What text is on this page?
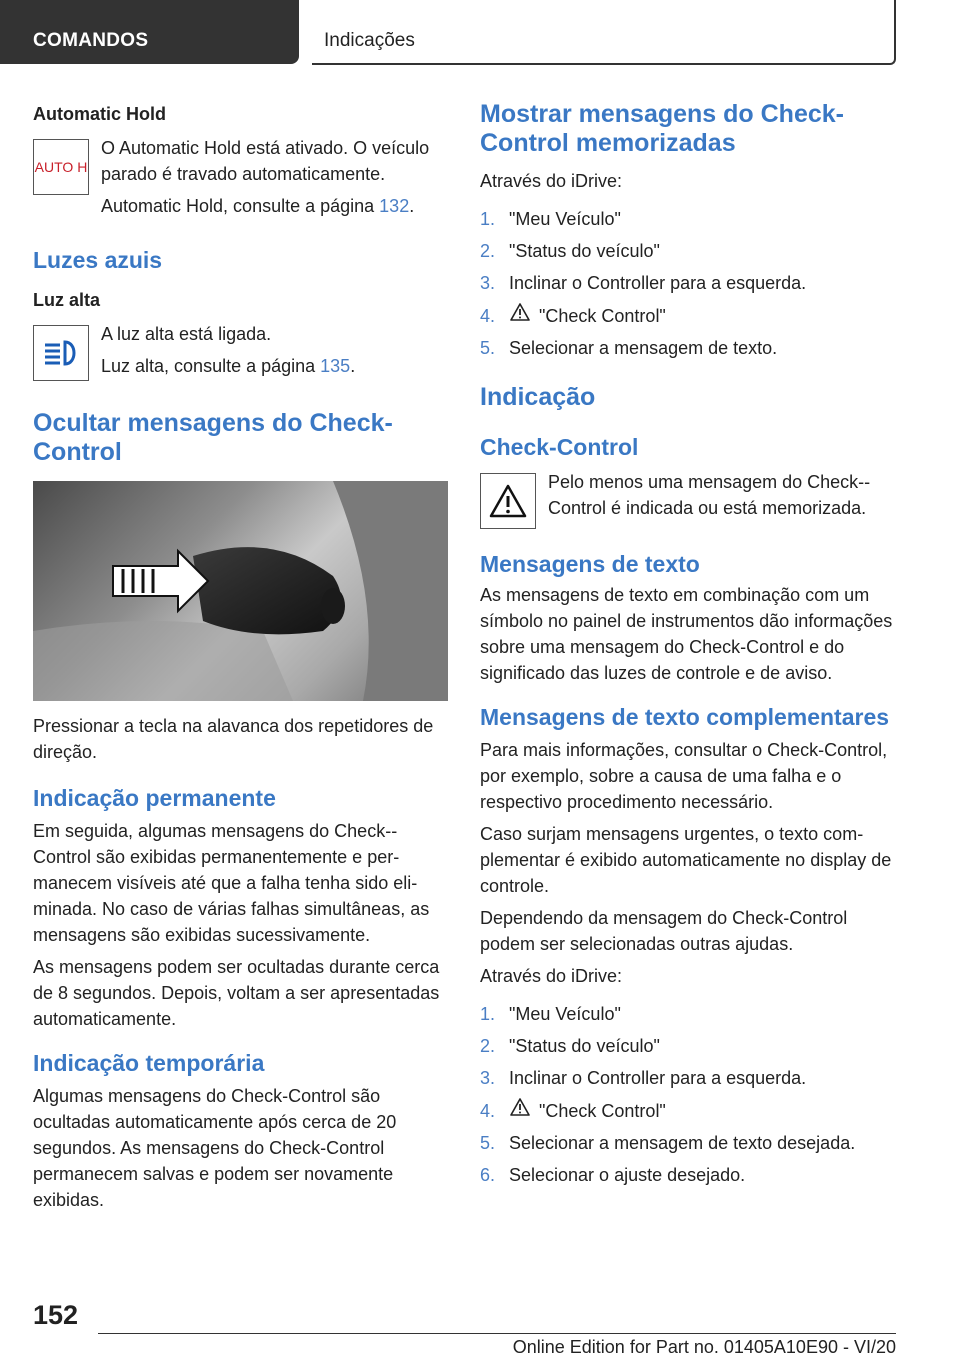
COMANDOS	Indicações
Automatic Hold
AUTO H
O Automatic Hold está ativado. O veículo parado é travado automaticamente.
Automatic Hold, consulte a página 132.
Luzes azuis
Luz alta
A luz alta está ligada.
Luz alta, consulte a página 135.
Ocultar mensagens do Check-Control
Pressionar a tecla na alavanca dos repetidores de direção.
Indicação permanente
Em seguida, algumas mensagens do Check--Control são exibidas permanentemente e permanecem visíveis até que a falha tenha sido eliminada. No caso de várias falhas simultâneas, as mensagens são exibidas sucessivamente.
As mensagens podem ser ocultadas durante cerca de 8 segundos. Depois, voltam a ser apresentadas automaticamente.
Indicação temporária
Algumas mensagens do Check-Control são ocultadas automaticamente após cerca de 20 segundos. As mensagens do Check-Control permanecem salvas e podem ser novamente exibidas.
Mostrar mensagens do Check-Control memorizadas
Através do iDrive:
1. "Meu Veículo"
2. "Status do veículo"
3. Inclinar o Controller para a esquerda.
4.	"Check Control"
5. Selecionar a mensagem de texto.
Indicação
Check-Control
Pelo menos uma mensagem do Check--Control é indicada ou está memorizada.
Mensagens de texto
As mensagens de texto em combinação com um símbolo no painel de instrumentos dão informações sobre uma mensagem do Check-Control e do significado das luzes de controle e de aviso.
Mensagens de texto complementares
Para mais informações, consultar o Check-Control, por exemplo, sobre a causa de uma falha e o respectivo procedimento necessário.
Caso surjam mensagens urgentes, o texto complementar é exibido automaticamente no display de controle.
Dependendo da mensagem do Check-Control podem ser selecionadas outras ajudas.
Através do iDrive:
1. "Meu Veículo"
2. "Status do veículo"
3. Inclinar o Controller para a esquerda.
4.	"Check Control"
5. Selecionar a mensagem de texto desejada.
6. Selecionar o ajuste desejado.
152
Online Edition for Part no. 01405A10E90 - VI/20
